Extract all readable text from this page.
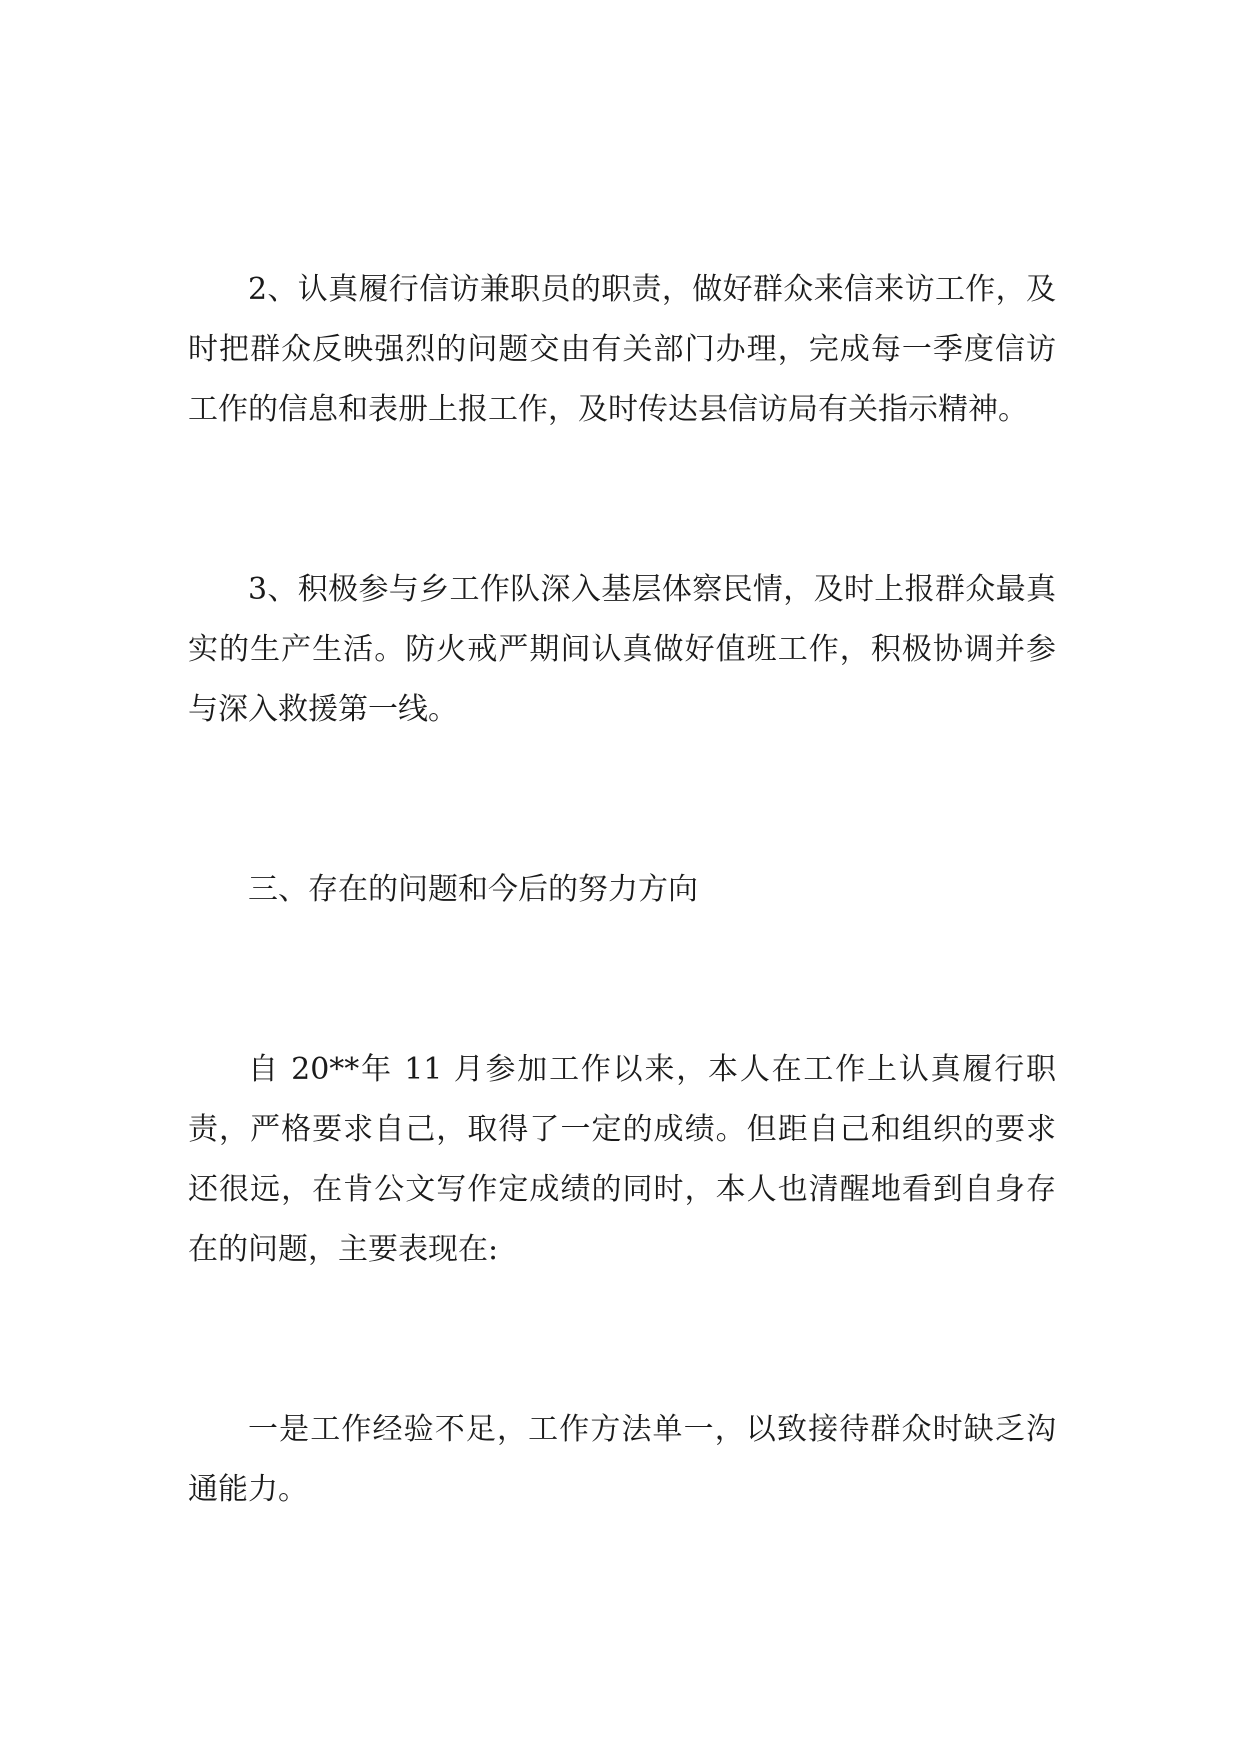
2、认真履行信访兼职员的职责，做好群众来信来访工作，及时把群众反映强烈的问题交由有关部门办理，完成每一季度信访工作的信息和表册上报工作，及时传达县信访局有关指示精神。

3、积极参与乡工作队深入基层体察民情，及时上报群众最真实的生产生活。防火戒严期间认真做好值班工作，积极协调并参与深入救援第一线。

三、存在的问题和今后的努力方向

自 20**年 11 月参加工作以来，本人在工作上认真履行职责，严格要求自己，取得了一定的成绩。但距自己和组织的要求还很远，在肯公文写作定成绩的同时，本人也清醒地看到自身存在的问题，主要表现在:

一是工作经验不足，工作方法单一，以致接待群众时缺乏沟通能力。
